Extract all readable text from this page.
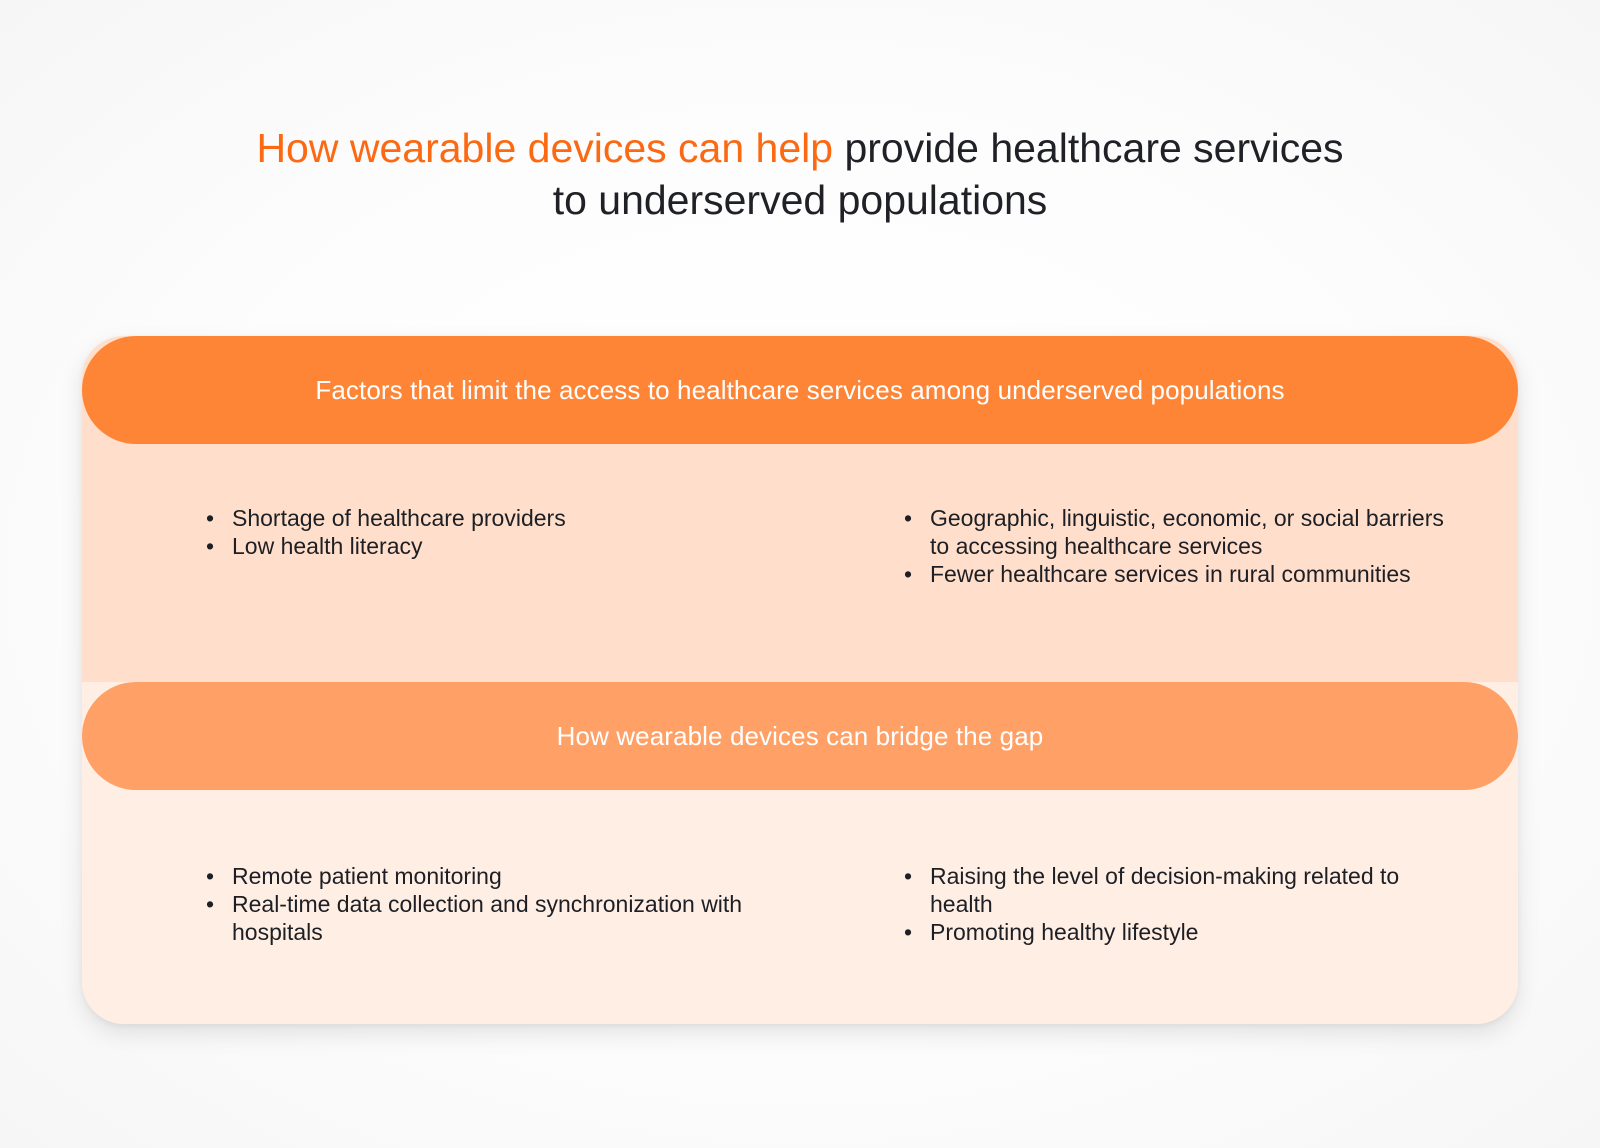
How wearable devices can help provide healthcare services
to underserved populations
Factors that limit the access to healthcare services among underserved populations
• Shortage of healthcare providers
• Low health literacy
• Geographic, linguistic, economic, or social barriers to accessing healthcare services
• Fewer healthcare services in rural communities
How wearable devices can bridge the gap
• Remote patient monitoring
• Real-time data collection and synchronization with hospitals
• Raising the level of decision-making related to health
• Promoting healthy lifestyle
